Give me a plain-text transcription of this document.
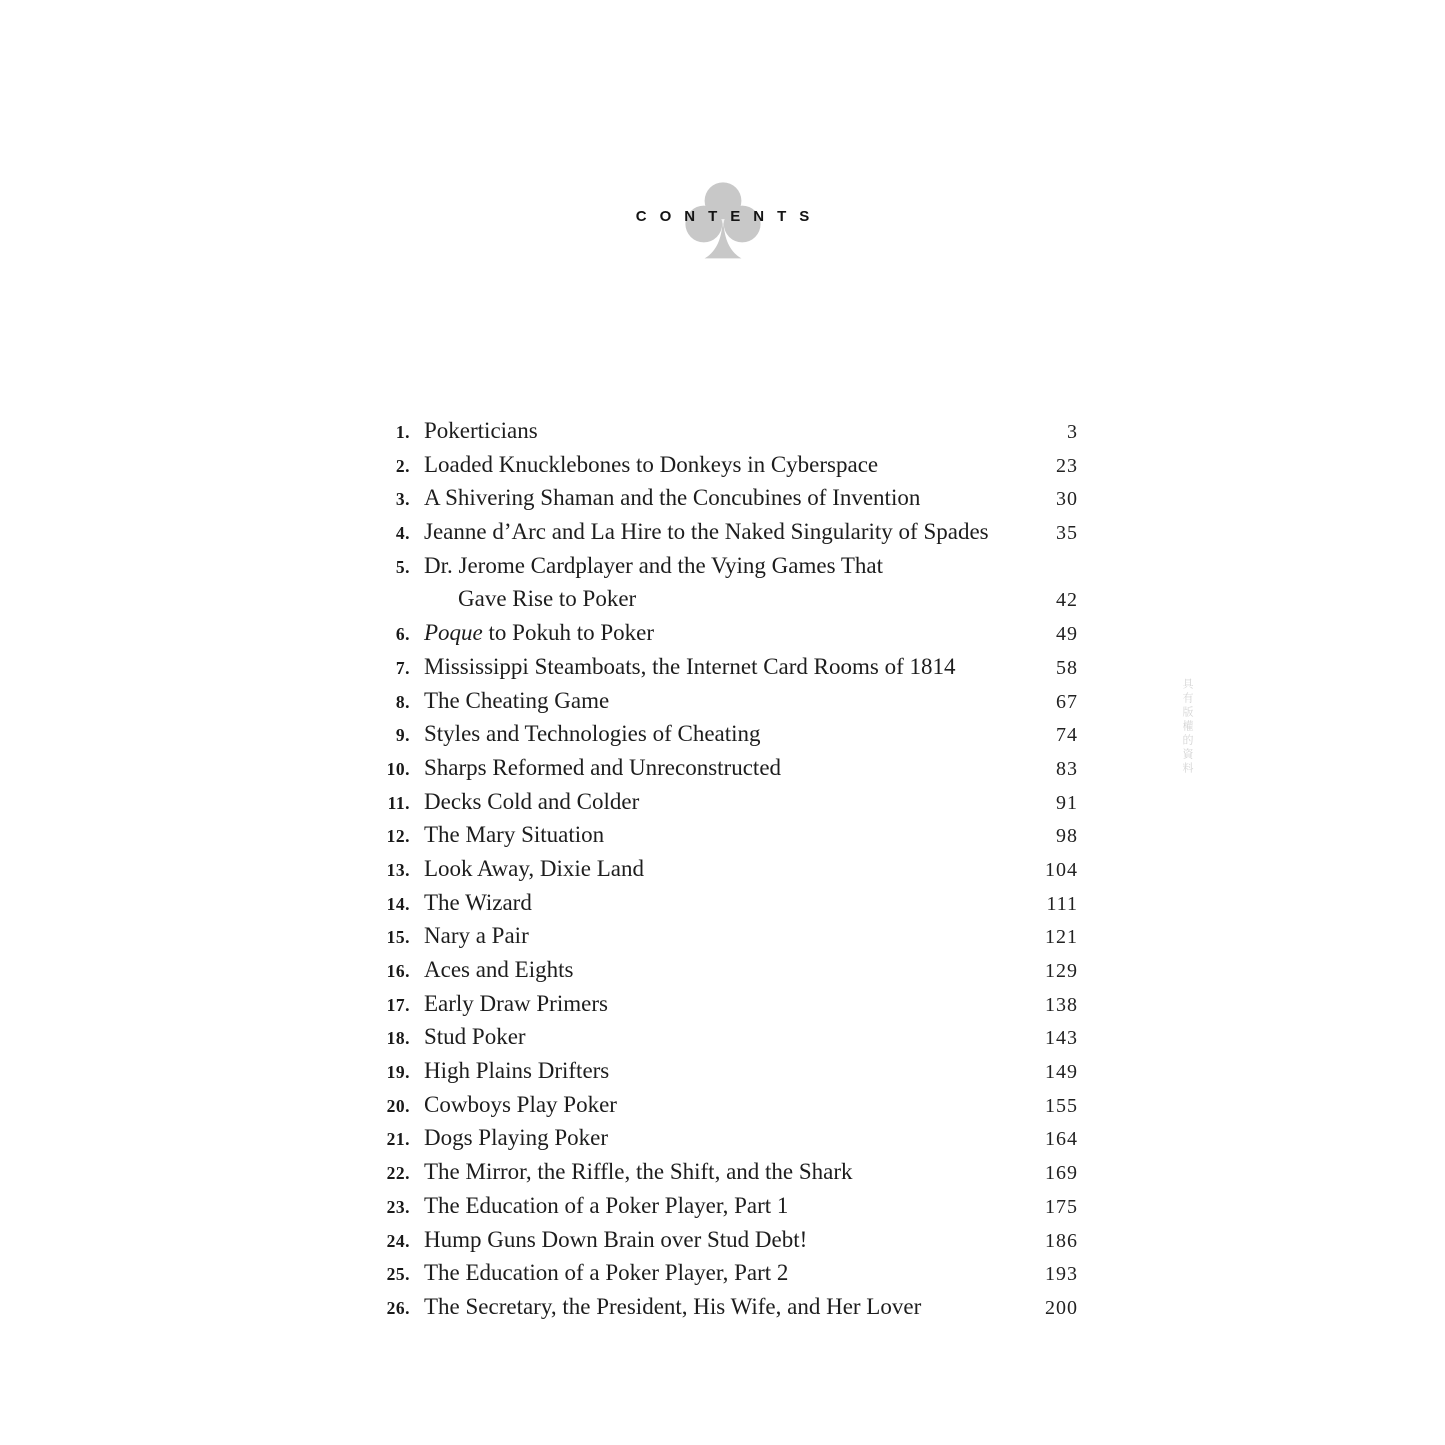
CONTENTS
1. Pokerticians	3
2. Loaded Knucklebones to Donkeys in Cyberspace	23
3. A Shivering Shaman and the Concubines of Invention	30
4. Jeanne d’Arc and La Hire to the Naked Singularity of Spades	35
5. Dr. Jerome Cardplayer and the Vying Games That
Gave Rise to Poker	42
6. Poque to Pokuh to Poker	49
7. Mississippi Steamboats, the Internet Card Rooms of 1814	58
8. The Cheating Game	67
9. Styles and Technologies of Cheating	74
10. Sharps Reformed and Unreconstructed	83
11. Decks Cold and Colder	91
12. The Mary Situation	98
13. Look Away, Dixie Land	104
14. The Wizard	111
15. Nary a Pair	121
16. Aces and Eights	129
17. Early Draw Primers	138
18. Stud Poker	143
19. High Plains Drifters	149
20. Cowboys Play Poker	155
21. Dogs Playing Poker	164
22. The Mirror, the Riffle, the Shift, and the Shark	169
23. The Education of a Poker Player, Part 1	175
24. Hump Guns Down Brain over Stud Debt!	186
25. The Education of a Poker Player, Part 2	193
26. The Secretary, the President, His Wife, and Her Lover	200
具有版權的資料
